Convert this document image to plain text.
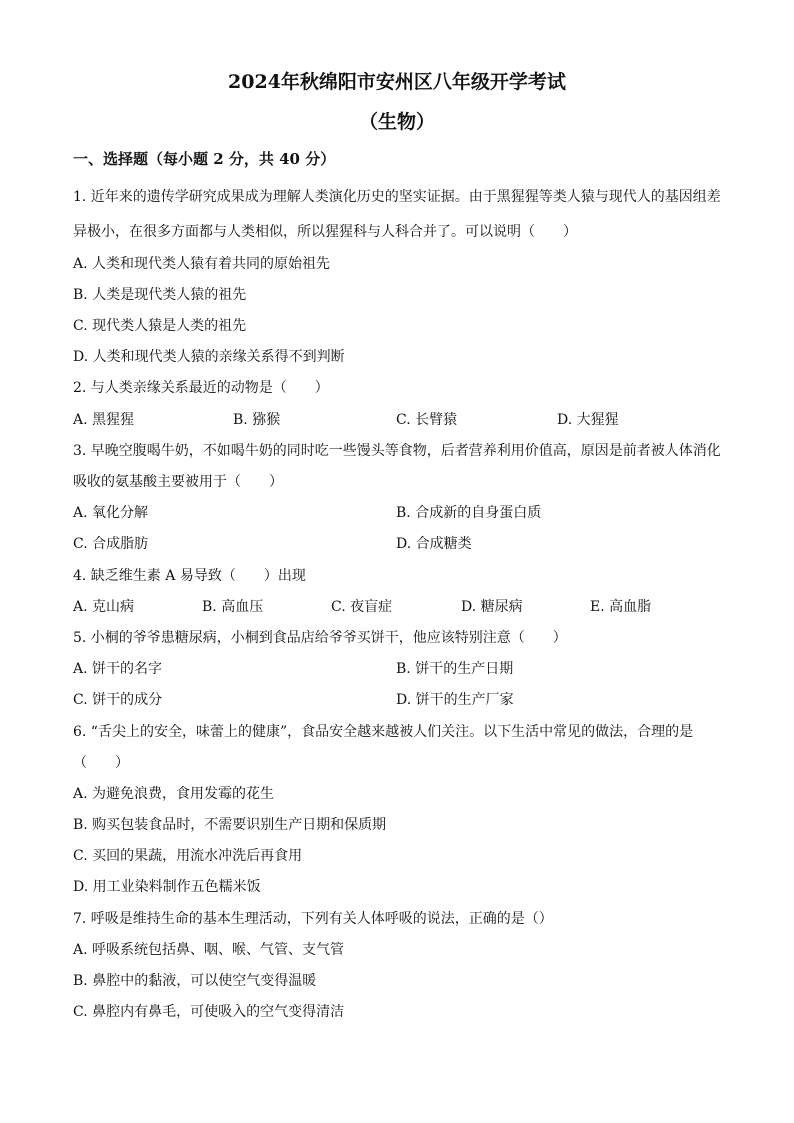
2024年秋绵阳市安州区八年级开学考试
（生物）
一、选择题（每小题 2 分，共 40 分）
1. 近年来的遗传学研究成果成为理解人类演化历史的坚实证据。由于黑猩猩等类人猿与现代人的基因组差
异极小，在很多方面都与人类相似，所以猩猩科与人科合并了。可以说明（　　）
A. 人类和现代类人猿有着共同的原始祖先
B. 人类是现代类人猿的祖先
C. 现代类人猿是人类的祖先
D. 人类和现代类人猿的亲缘关系得不到判断
2. 与人类亲缘关系最近的动物是（　　）
A. 黑猩猩	B. 猕猴	C. 长臂猿	D. 大猩猩
3. 早晚空腹喝牛奶，不如喝牛奶的同时吃一些馒头等食物，后者营养利用价值高，原因是前者被人体消化
吸收的氨基酸主要被用于（　　）
A. 氧化分解	B. 合成新的自身蛋白质
C. 合成脂肪	D. 合成糖类
4. 缺乏维生素 A 易导致（　　）出现
A. 克山病	B. 高血压	C. 夜盲症	D. 糖尿病	E. 高血脂
5. 小桐的爷爷患糖尿病，小桐到食品店给爷爷买饼干，他应该特别注意（　　）
A. 饼干的名字	B. 饼干的生产日期
C. 饼干的成分	D. 饼干的生产厂家
6. “舌尖上的安全，味蕾上的健康”，食品安全越来越被人们关注。以下生活中常见的做法，合理的是
（　　）
A. 为避免浪费，食用发霉的花生
B. 购买包装食品时，不需要识别生产日期和保质期
C. 买回的果蔬，用流水冲洗后再食用
D. 用工业染料制作五色糯米饭
7. 呼吸是维持生命的基本生理活动，下列有关人体呼吸的说法，正确的是（）
A. 呼吸系统包括鼻、咽、喉、气管、支气管
B. 鼻腔中的黏液，可以使空气变得温暖
C. 鼻腔内有鼻毛，可使吸入的空气变得清洁
